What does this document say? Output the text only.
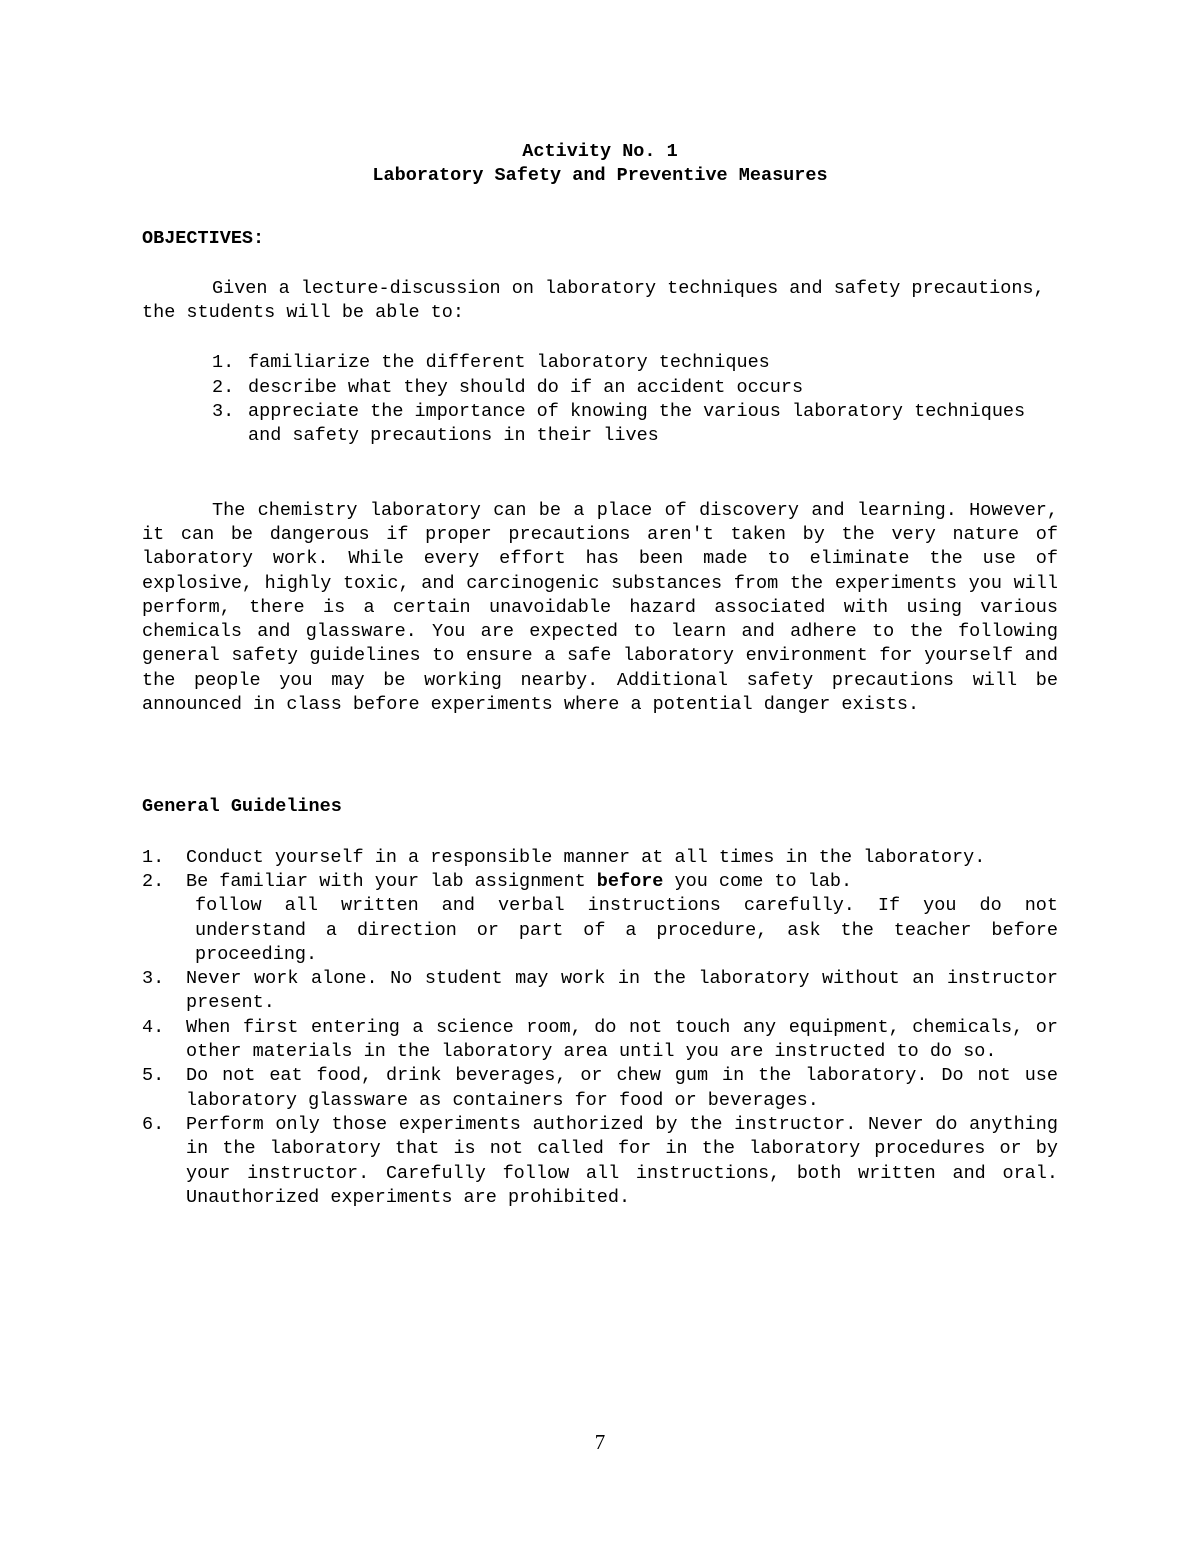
Activity No. 1

Laboratory Safety and Preventive Measures

OBJECTIVES:

Given a lecture-discussion on laboratory techniques and safety precautions, the students will be able to:

1. familiarize the different laboratory techniques
2. describe what they should do if an accident occurs
3. appreciate the importance of knowing the various laboratory techniques and safety precautions in their lives

The chemistry laboratory can be a place of discovery and learning. However, it can be dangerous if proper precautions aren't taken by the very nature of laboratory work. While every effort has been made to eliminate the use of explosive, highly toxic, and carcinogenic substances from the experiments you will perform, there is a certain unavoidable hazard associated with using various chemicals and glassware. You are expected to learn and adhere to the following general safety guidelines to ensure a safe laboratory environment for yourself and the people you may be working nearby. Additional safety precautions will be announced in class before experiments where a potential danger exists.

General Guidelines

1. Conduct yourself in a responsible manner at all times in the laboratory.
2. Be familiar with your lab assignment before you come to lab.
follow all written and verbal instructions carefully. If you do not understand a direction or part of a procedure, ask the teacher before proceeding.
3. Never work alone. No student may work in the laboratory without an instructor present.
4. When first entering a science room, do not touch any equipment, chemicals, or other materials in the laboratory area until you are instructed to do so.
5. Do not eat food, drink beverages, or chew gum in the laboratory. Do not use laboratory glassware as containers for food or beverages.
6. Perform only those experiments authorized by the instructor. Never do anything in the laboratory that is not called for in the laboratory procedures or by your instructor. Carefully follow all instructions, both written and oral. Unauthorized experiments are prohibited.
7
